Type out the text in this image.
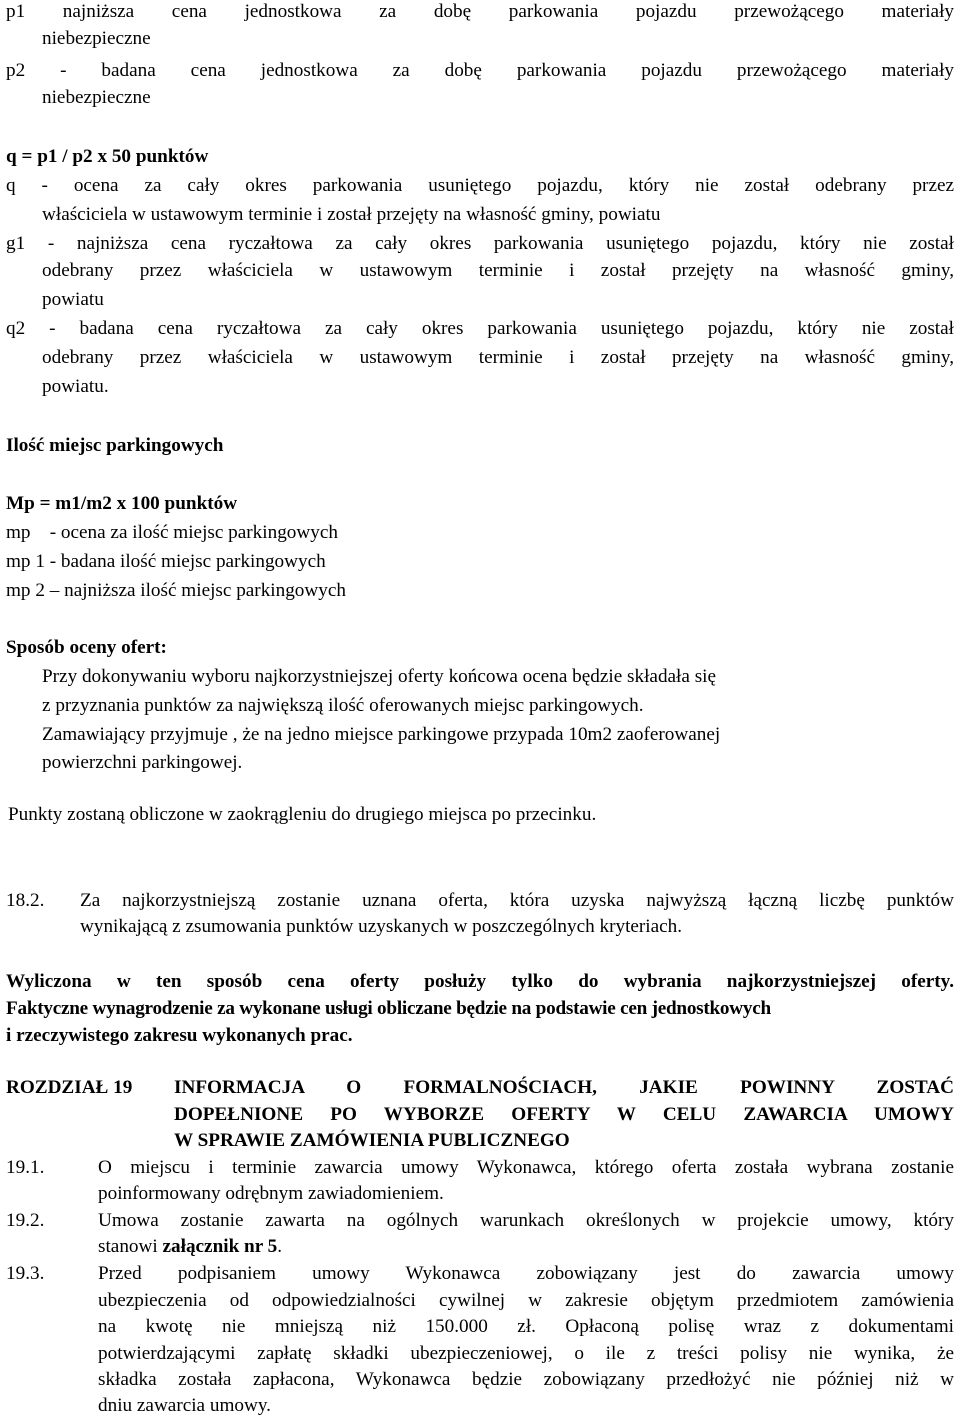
p1 najniższa cena jednostkowa za dobę parkowania pojazdu przewożącego materiały
niebezpieczne
p2 - badana cena jednostkowa za dobę parkowania pojazdu przewożącego materiały
niebezpieczne
q = p1 / p2 x 50 punktów
q - ocena za cały okres parkowania usuniętego pojazdu, który nie został odebrany przez
właściciela w ustawowym terminie i został przejęty na własność gminy, powiatu
g1 - najniższa cena ryczałtowa za cały okres parkowania usuniętego pojazdu, który nie został
odebrany przez właściciela w ustawowym terminie i został przejęty na własność gminy,
powiatu
q2 - badana cena ryczałtowa za cały okres parkowania usuniętego pojazdu, który nie został
odebrany przez właściciela w ustawowym terminie i został przejęty na własność gminy,
powiatu.
Ilość miejsc parkingowych
Mp = m1/m2 x 100 punktów
mp    - ocena za ilość miejsc parkingowych
mp 1 - badana ilość miejsc parkingowych
mp 2 – najniższa ilość miejsc parkingowych
Sposób oceny ofert:
Przy dokonywaniu wyboru najkorzystniejszej oferty końcowa ocena będzie składała się
z przyznania punktów za największą ilość oferowanych miejsc parkingowych.
Zamawiający przyjmuje , że na jedno miejsce parkingowe przypada 10m2 zaoferowanej
powierzchni parkingowej.
Punkty zostaną obliczone w zaokrągleniu do drugiego miejsca po przecinku.
18.2.	Za najkorzystniejszą zostanie uznana oferta, która uzyska najwyższą łączną liczbę punktów
wynikającą z zsumowania punktów uzyskanych w poszczególnych kryteriach.
Wyliczona w ten sposób cena oferty posłuży tylko do wybrania najkorzystniejszej oferty.
Faktyczne wynagrodzenie za wykonane usługi obliczane będzie na podstawie cen jednostkowych
i rzeczywistego zakresu wykonanych prac.
ROZDZIAŁ 19	INFORMACJA O FORMALNOŚCIACH, JAKIE POWINNY ZOSTAĆ
DOPEŁNIONE PO WYBORZE OFERTY W CELU ZAWARCIA UMOWY
W SPRAWIE ZAMÓWIENIA PUBLICZNEGO
19.1.	O miejscu i terminie zawarcia umowy Wykonawca, którego oferta została wybrana zostanie
poinformowany odrębnym zawiadomieniem.
19.2.	Umowa zostanie zawarta na ogólnych warunkach określonych w projekcie umowy, który
stanowi załącznik nr 5.
19.3.	Przed podpisaniem umowy Wykonawca zobowiązany jest do zawarcia umowy
ubezpieczenia od odpowiedzialności cywilnej w zakresie objętym przedmiotem zamówienia
na kwotę nie mniejszą niż 150.000 zł. Opłaconą polisę wraz z dokumentami
potwierdzającymi zapłatę składki ubezpieczeniowej, o ile z treści polisy nie wynika, że
składka została zapłacona, Wykonawca będzie zobowiązany przedłożyć nie później niż w
dniu zawarcia umowy.
